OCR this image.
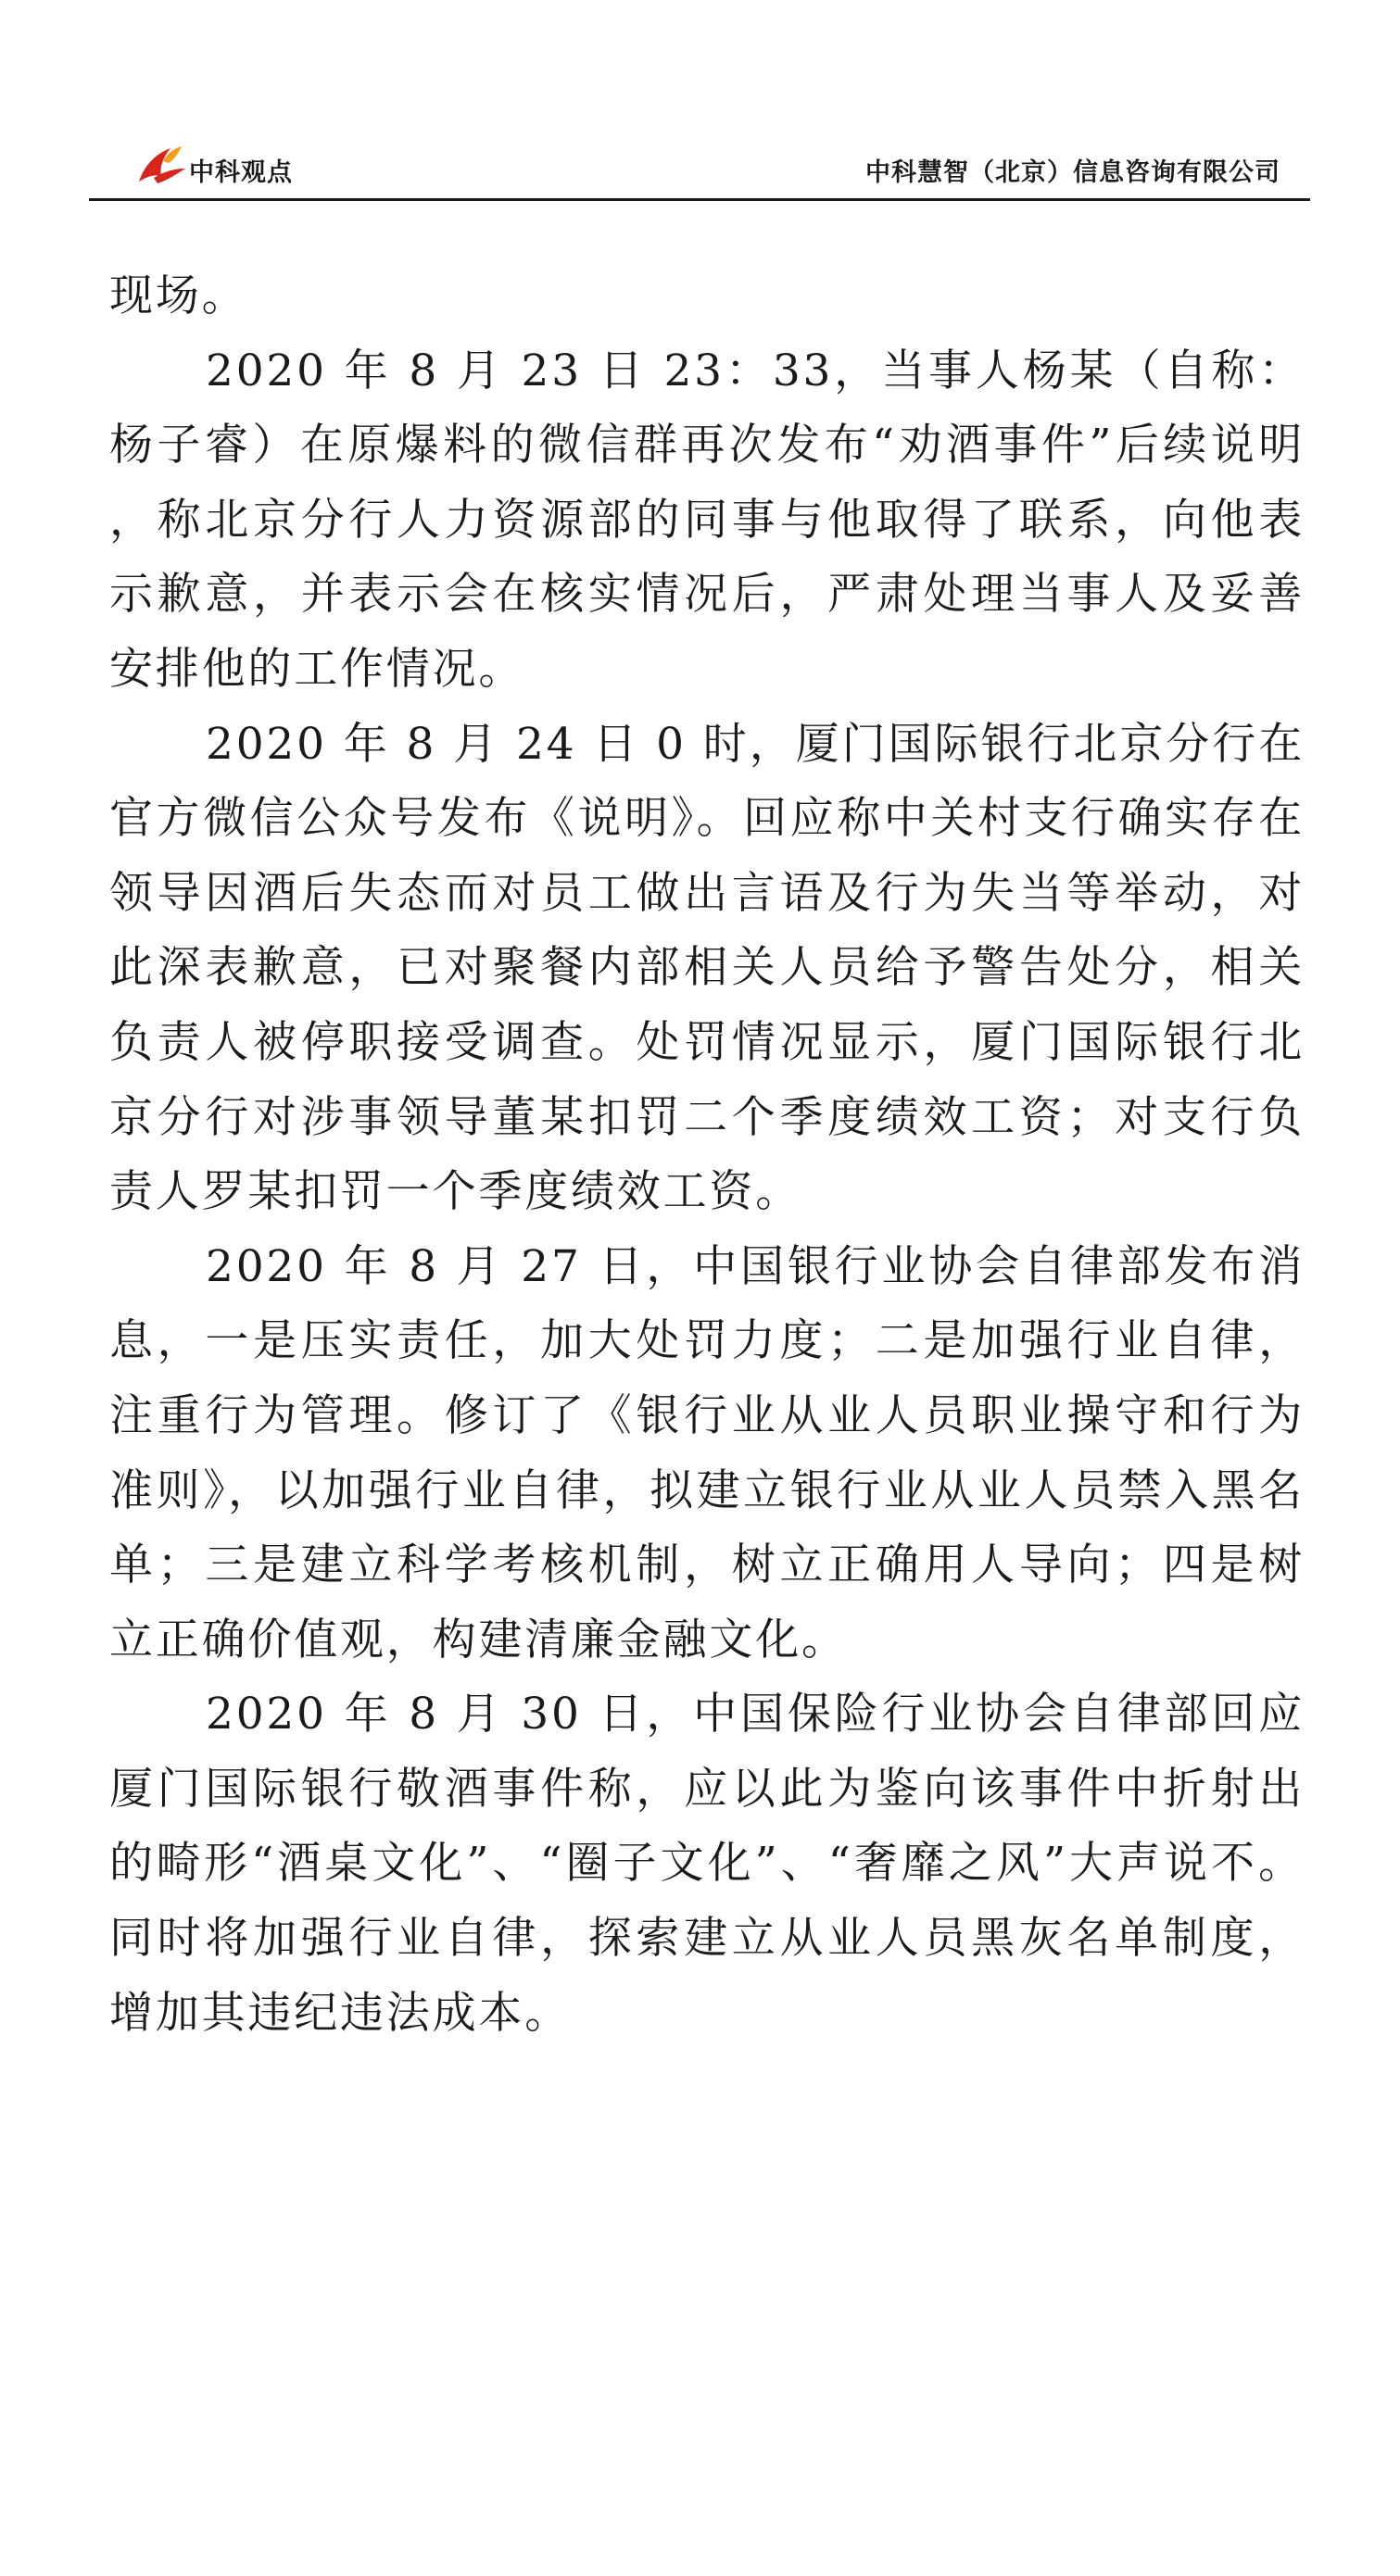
中科观点	中科慧智（北京）信息咨询有限公司

现场。

2020 年 8 月 23 日 23：33，当事人杨某（自称：杨子睿）在原爆料的微信群再次发布“劝酒事件”后续说明，称北京分行人力资源部的同事与他取得了联系，向他表示歉意，并表示会在核实情况后，严肃处理当事人及妥善安排他的工作情况。

2020 年 8 月 24 日 0 时，厦门国际银行北京分行在官方微信公众号发布《说明》。回应称中关村支行确实存在领导因酒后失态而对员工做出言语及行为失当等举动，对此深表歉意，已对聚餐内部相关人员给予警告处分，相关负责人被停职接受调查。处罚情况显示，厦门国际银行北京分行对涉事领导董某扣罚二个季度绩效工资；对支行负责人罗某扣罚一个季度绩效工资。

2020 年 8 月 27 日，中国银行业协会自律部发布消息，一是压实责任，加大处罚力度；二是加强行业自律，注重行为管理。修订了《银行业从业人员职业操守和行为准则》，以加强行业自律，拟建立银行业从业人员禁入黑名单；三是建立科学考核机制，树立正确用人导向；四是树立正确价值观，构建清廉金融文化。

2020 年 8 月 30 日，中国保险行业协会自律部回应厦门国际银行敬酒事件称，应以此为鉴向该事件中折射出的畸形“酒桌文化”、“圈子文化”、“奢靡之风”大声说不。同时将加强行业自律，探索建立从业人员黑灰名单制度，增加其违纪违法成本。
